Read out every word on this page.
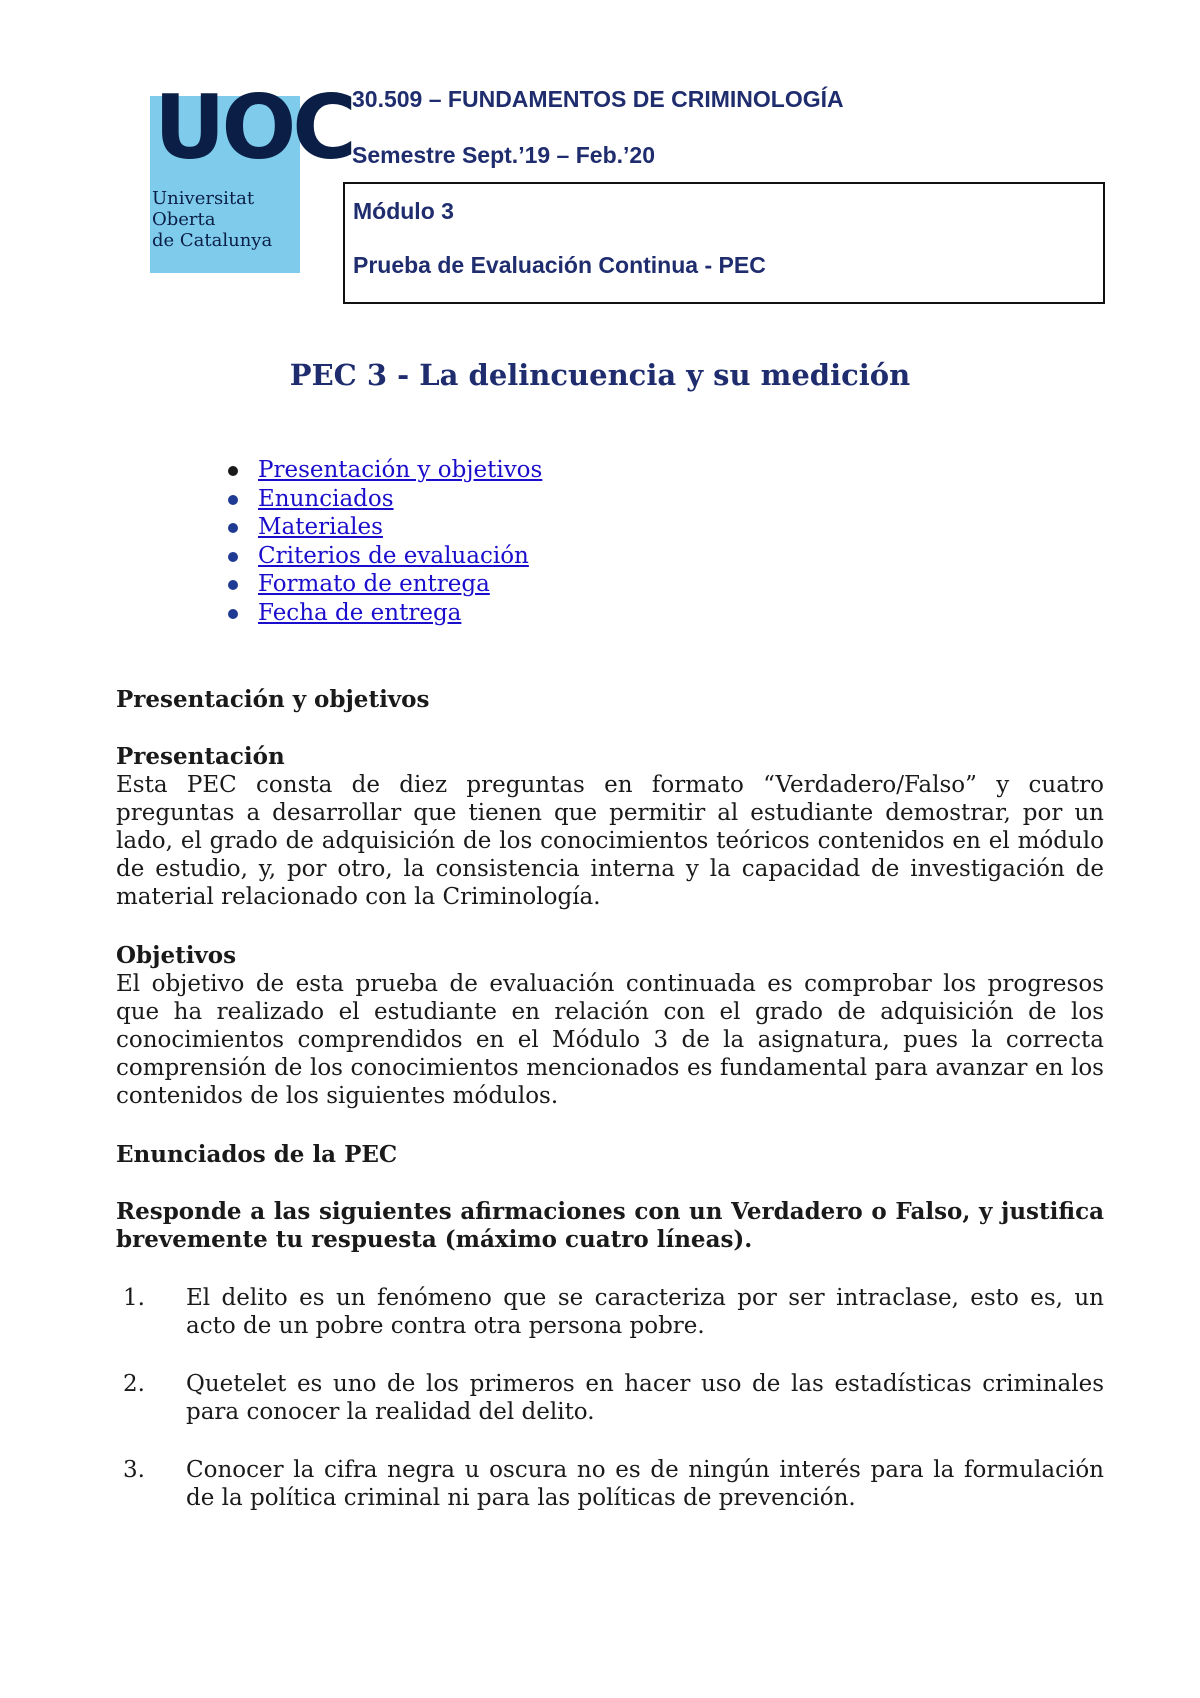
UOC
Universitat
Oberta
de Catalunya
30.509 – FUNDAMENTOS DE CRIMINOLOGÍA
Semestre Sept.’19 – Feb.’20
Módulo 3
Prueba de Evaluación Continua - PEC
PEC 3 - La delincuencia y su medición
Presentación y objetivos
Enunciados
Materiales
Criterios de evaluación
Formato de entrega
Fecha de entrega

Presentación y objetivos

Presentación

Esta PEC consta de diez preguntas en formato “Verdadero/Falso” y cuatro preguntas a desarrollar que tienen que permitir al estudiante demostrar, por un lado, el grado de adquisición de los conocimientos teóricos contenidos en el módulo de estudio, y, por otro, la consistencia interna y la capacidad de investigación de material relacionado con la Criminología.

Objetivos

El objetivo de esta prueba de evaluación continuada es comprobar los progresos que ha realizado el estudiante en relación con el grado de adquisición de los conocimientos comprendidos en el Módulo 3 de la asignatura, pues la correcta comprensión de los conocimientos mencionados es fundamental para avanzar en los contenidos de los siguientes módulos.

Enunciados de la PEC

Responde a las siguientes afirmaciones con un Verdadero o Falso, y justifica brevemente tu respuesta (máximo cuatro líneas).

1. El delito es un fenómeno que se caracteriza por ser intraclase, esto es, un acto de un pobre contra otra persona pobre.
2. Quetelet es uno de los primeros en hacer uso de las estadísticas criminales para conocer la realidad del delito.
3. Conocer la cifra negra u oscura no es de ningún interés para la formulación de la política criminal ni para las políticas de prevención.
